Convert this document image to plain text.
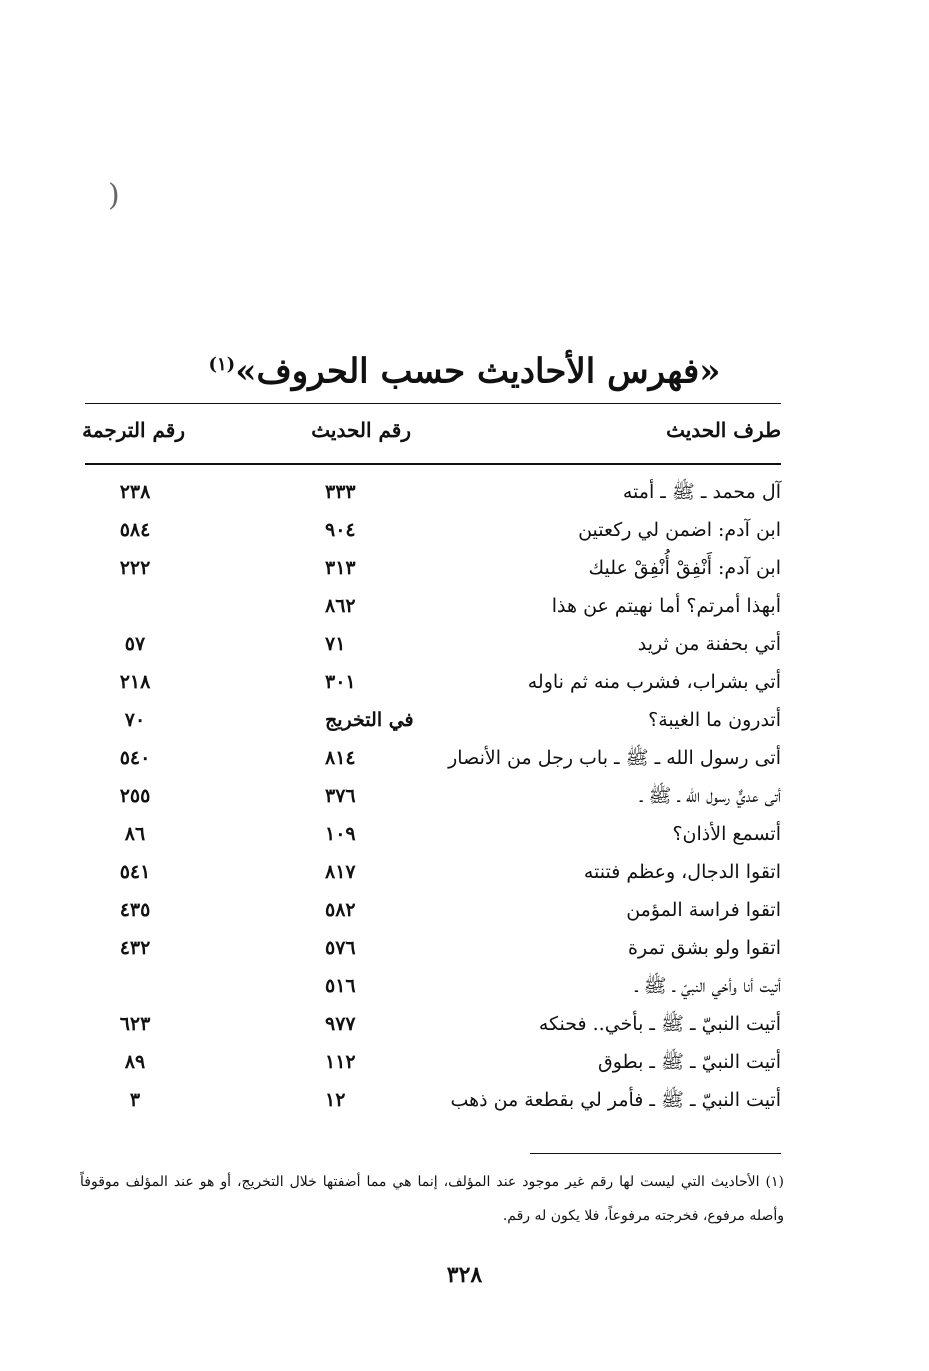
(
«فهرس الأحاديث حسب الحروف»$^{(١)}$
طرف الحديث
رقم الحديث
رقم الترجمة
آل محمد ـ ﷺ ـ أمته
٣٣٣
٢٣٨
ابن آدم: اضمن لي ركعتين
٩٠٤
٥٨٤
ابن آدم: أَنْفِقْ أُنْفِقْ عليك
٣١٣
٢٢٢
أبهذا أمرتم؟ أما نهيتم عن هذا
٨٦٢
أتي بحفنة من ثريد
٧١
٥٧
أتي بشراب، فشرب منه ثم ناوله
٣٠١
٢١٨
أتدرون ما الغيبة؟
في التخريج
٧٠
أتى رسول الله ـ ﷺ ـ باب رجل من الأنصار
٨١٤
٥٤٠
أتى عديٌّ رسول الله ـ ﷺ ـ
٣٧٦
٢٥٥
أتسمع الأذان؟
١٠٩
٨٦
اتقوا الدجال، وعظم فتنته
٨١٧
٥٤١
اتقوا فراسة المؤمن
٥٨٢
٤٣٥
اتقوا ولو بشق تمرة
٥٧٦
٤٣٢
أتيت أنا وأخي النبيّ ـ ﷺ ـ
٥١٦
أتيت النبيّ ـ ﷺ ـ بأخي.. فحنكه
٩٧٧
٦٢٣
أتيت النبيّ ـ ﷺ ـ بطوق
١١٢
٨٩
أتيت النبيّ ـ ﷺ ـ فأمر لي بقطعة من ذهب
١٢
٣
(١) الأحاديث التي ليست لها رقم غير موجود عند المؤلف، إنما هي مما أضفتها خلال التخريج، أو هو عند المؤلف موقوفاً وأصله مرفوع، فخرجته مرفوعاً، فلا يكون له رقم.
٣٢٨
